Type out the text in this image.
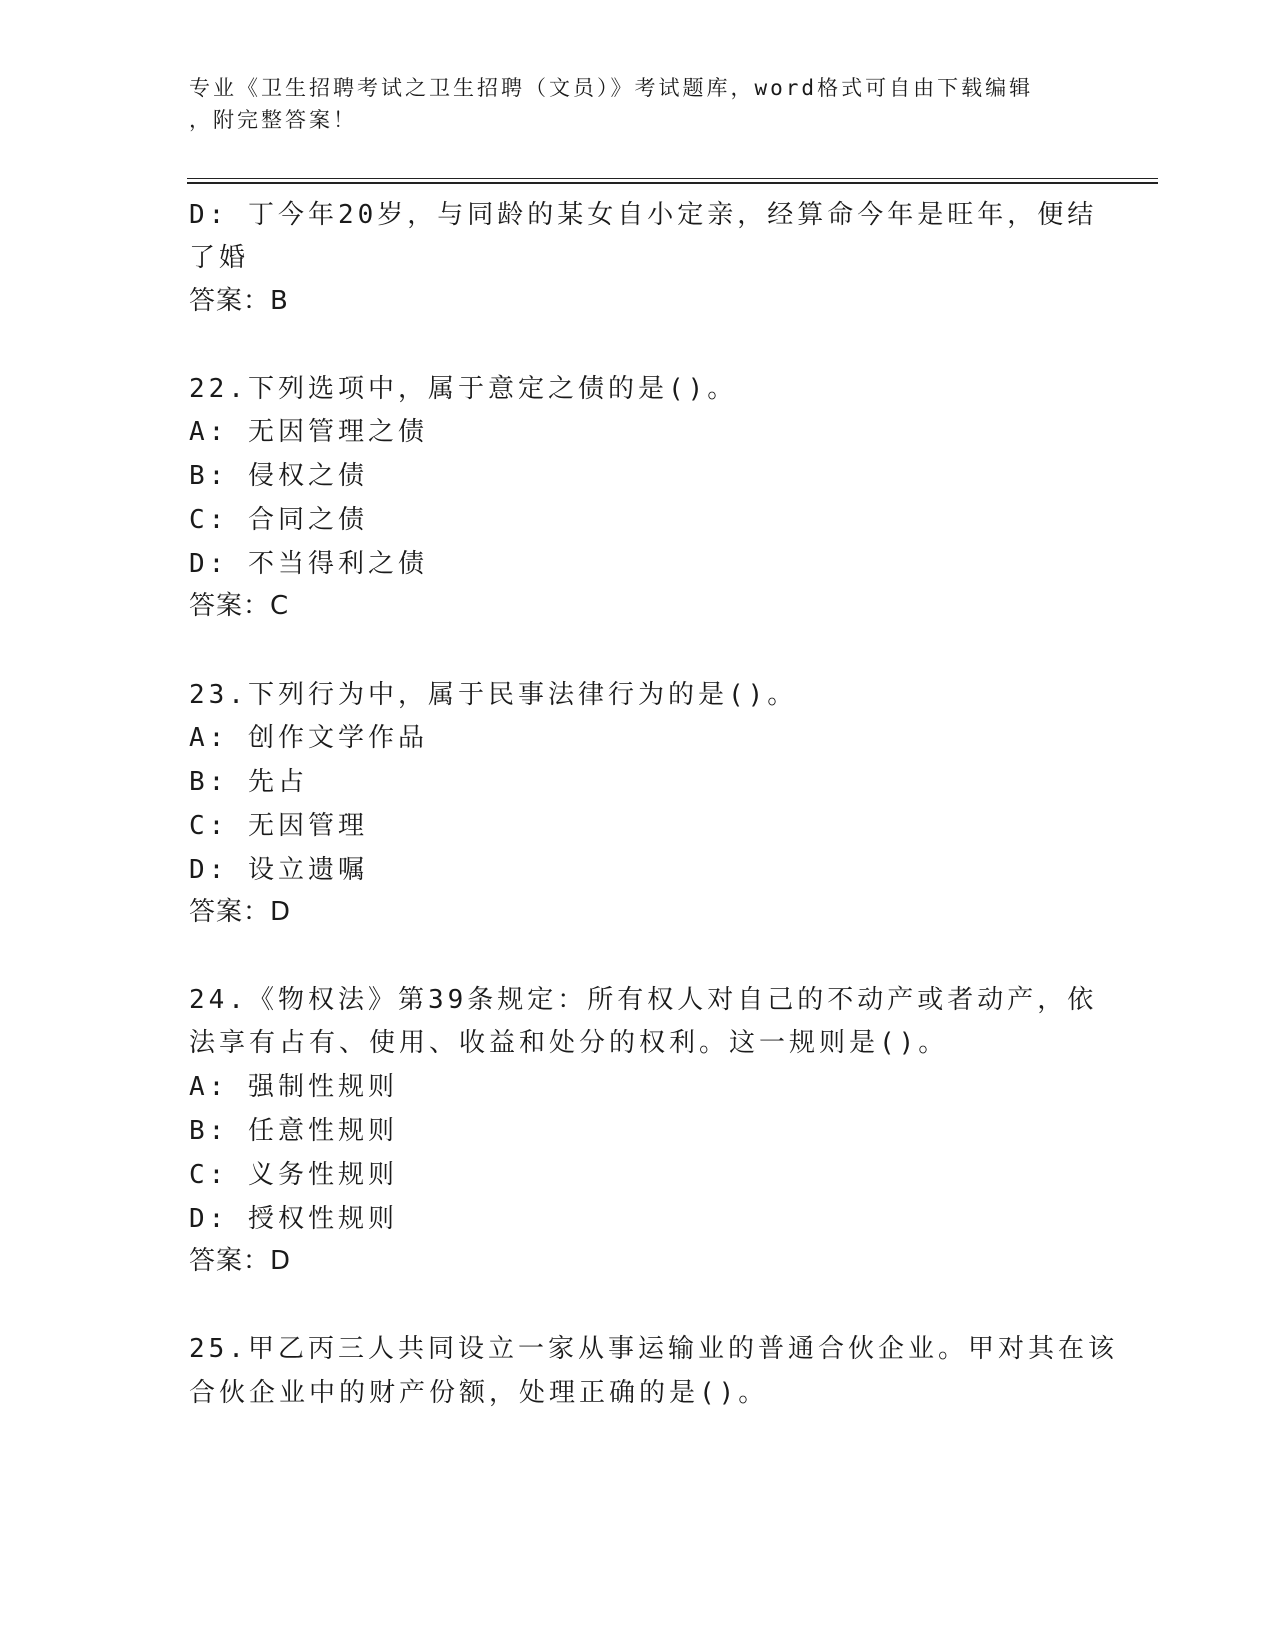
专业《卫生招聘考试之卫生招聘（文员）》考试题库，word格式可自由下载编辑
，附完整答案！
D: 丁今年20岁，与同龄的某女自小定亲，经算命今年是旺年，便结
了婚
答案：B
22.下列选项中，属于意定之债的是()。
A: 无因管理之债
B: 侵权之债
C: 合同之债
D: 不当得利之债
答案：C
23.下列行为中，属于民事法律行为的是()。
A: 创作文学作品
B: 先占
C: 无因管理
D: 设立遗嘱
答案：D
24.《物权法》第39条规定：所有权人对自己的不动产或者动产，依
法享有占有、使用、收益和处分的权利。这一规则是()。
A: 强制性规则
B: 任意性规则
C: 义务性规则
D: 授权性规则
答案：D
25.甲乙丙三人共同设立一家从事运输业的普通合伙企业。甲对其在该
合伙企业中的财产份额，处理正确的是()。
